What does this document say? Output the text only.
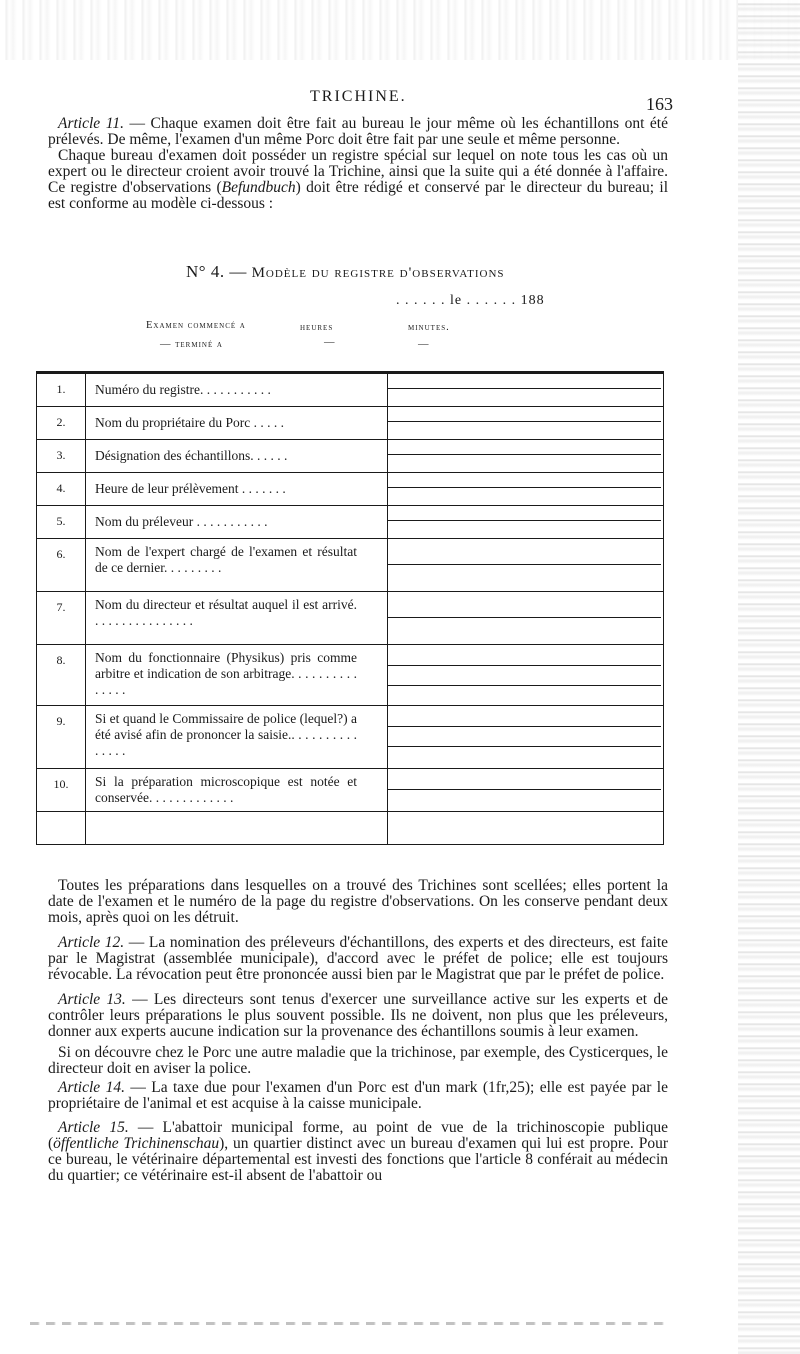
TRICHINE.	163

Article 11. — Chaque examen doit être fait au bureau le jour même où les échantillons ont été prélevés. De même, l'examen d'un même Porc doit être fait par une seule et même personne.

Chaque bureau d'examen doit posséder un registre spécial sur lequel on note tous les cas où un expert ou le directeur croient avoir trouvé la Trichine, ainsi que la suite qui a été donnée à l'affaire. Ce registre d'observations (Befundbuch) doit être rédigé et conservé par le directeur du bureau; il est conforme au modèle ci-dessous :

N° 4. — Modèle du registre d'observations
. . . . . . le . . . . . . 188
Examen commencé a	heures	minutes.
— terminé a	—	—
1.	Numéro du registre. . . . . . . . . . .
2.	Nom du propriétaire du Porc . . . . .
3.	Désignation des échantillons. . . . . .
4.	Heure de leur prélèvement . . . . . . .
5.	Nom du préleveur . . . . . . . . . . .
6.	Nom de l'expert chargé de l'examen et résultat de ce dernier. . . . . . . . .
7.	Nom du directeur et résultat auquel il est arrivé. . . . . . . . . . . . . . . .
8.	Nom du fonctionnaire (Physikus) pris comme arbitre et indication de son arbitrage. . . . . . . . . . . . . . .
9.	Si et quand le Commissaire de police (lequel?) a été avisé afin de prononcer la saisie.. . . . . . . . . . . . . . .
10.	Si la préparation microscopique est notée et conservée. . . . . . . . . . . . .

Toutes les préparations dans lesquelles on a trouvé des Trichines sont scellées; elles portent la date de l'examen et le numéro de la page du registre d'observations. On les conserve pendant deux mois, après quoi on les détruit.

Article 12. — La nomination des préleveurs d'échantillons, des experts et des directeurs, est faite par le Magistrat (assemblée municipale), d'accord avec le préfet de police; elle est toujours révocable. La révocation peut être prononcée aussi bien par le Magistrat que par le préfet de police.

Article 13. — Les directeurs sont tenus d'exercer une surveillance active sur les experts et de contrôler leurs préparations le plus souvent possible. Ils ne doivent, non plus que les préleveurs, donner aux experts aucune indication sur la provenance des échantillons soumis à leur examen.

Si on découvre chez le Porc une autre maladie que la trichinose, par exemple, des Cysticerques, le directeur doit en aviser la police.

Article 14. — La taxe due pour l'examen d'un Porc est d'un mark (1fr,25); elle est payée par le propriétaire de l'animal et est acquise à la caisse municipale.

Article 15. — L'abattoir municipal forme, au point de vue de la trichinoscopie publique (öffentliche Trichinenschau), un quartier distinct avec un bureau d'examen qui lui est propre. Pour ce bureau, le vétérinaire départemental est investi des fonctions que l'article 8 conférait au médecin du quartier; ce vétérinaire est-il absent de l'abattoir ou
